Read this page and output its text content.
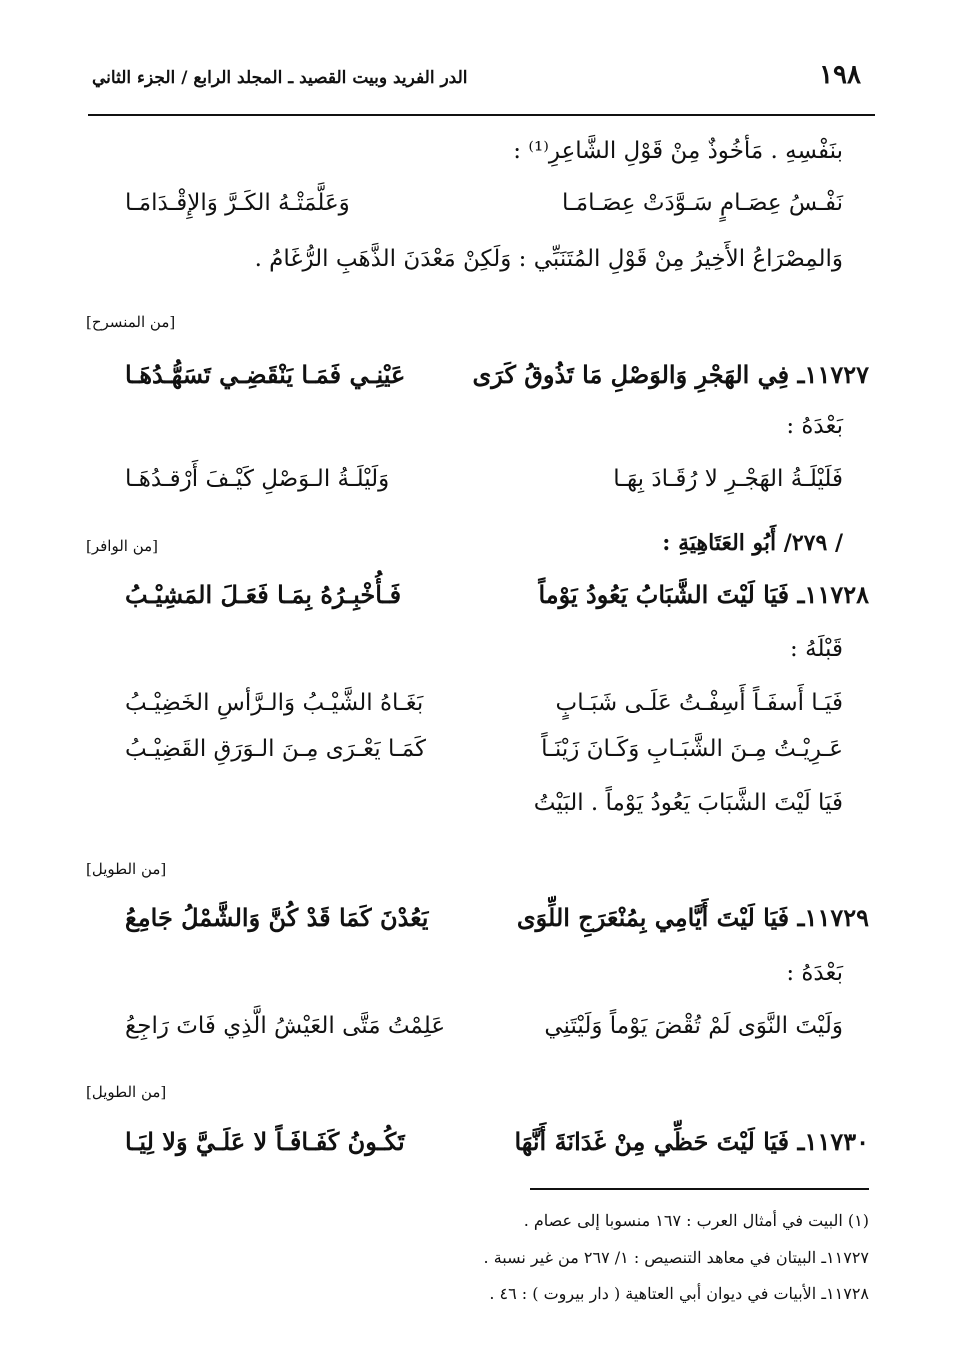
١٩٨
الدر الفريد وبيت القصيد ـ المجلد الرابع / الجزء الثاني
بنَفْسِهِ . مَأخُوذٌ مِنْ قَوْلِ الشَّاعِرِ⁽¹⁾ :
نَفْـسُ عِصَـامٍ سَـوَّدَتْ عِصَـامَـا
وَعَلَّمَتْـهُ الكَـرَّ وَالإِقْـدَامَـا
وَالمِصْرَاعُ الأَخِيرُ مِنْ قَوْلِ المُتَنَبِّي : وَلَكِنْ مَعْدَنَ الذَّهَبِ الرُّغَامُ .
[من المنسرح]
١١٧٢٧ـ فِي الهَجْرِ وَالوَصْلِ مَا تَذُوقُ كَرَى
عَيْنِـي فَمَـا يَنْقَضِـي تَسَهُّـدُهَـا
بَعْدَهُ :
فَلَيْلَـةُ الهَجْـرِ لا رُقَـادَ بِهَـا
وَلَيْلَـةُ الـوَصْلِ كَيْـفَ أَرْقـدُهَـا
/ ٢٧٩/ أَبُو العَتَاهِيَةِ :
[من الوافر]
١١٧٢٨ـ فَيَا لَيْتَ الشَّبَابُ يَعُودُ يَوْماً
فَـأُخْبِـرُهُ بِمَـا فَعَـلَ المَشِيْـبُ
قَبْلَهُ :
فَيَـا أَسفَـاً أَسِفْـتُ عَلَـى شَبَـابٍ
بَغَـاهُ الشَّيْـبُ وَالـرَّأسِ الخَضِيْـبُ
عَـرِيْـتُ مِـنَ الشَّبَـابِ وَكَـانَ زَيْنَـاً
كَمَـا يَعْـرَى مِـنَ الـوَرَقِ القَضِيْـبُ
فَيَا لَيْتَ الشَّبَابَ يَعُودُ يَوْماً . البَيْتُ
[من الطويل]
١١٧٢٩ـ فَيَا لَيْتَ أَيَّامِي بِمُنْعَرَجِ اللِّوَى
يَعُدْنَ كَمَا قَدْ كُنَّ وَالشَّمْلُ جَامِعُ
بَعْدَهُ :
وَلَيْتَ النَّوَى لَمْ تُقْضَ يَوْماً وَلَيْتَنِي
عَلِمْتُ مَتَّى العَيْشُ الَّذِي فَاتَ رَاجِعُ
[من الطويل]
١١٧٣٠ـ فَيَا لَيْتَ حَظِّي مِنْ غَدَانَةَ أَنَّهَا
تَكُـونُ كَفَـافَـاً لا عَلَـيَّ وَلا لِيَـا
(١) البيت في أمثال العرب : ١٦٧ منسوبا إلى عصام .
١١٧٢٧ـ البيتان في معاهد التنصيص : ١/ ٢٦٧ من غير نسبة .
١١٧٢٨ـ الأبيات في ديوان أبي العتاهية ( دار بيروت ) : ٤٦ .
